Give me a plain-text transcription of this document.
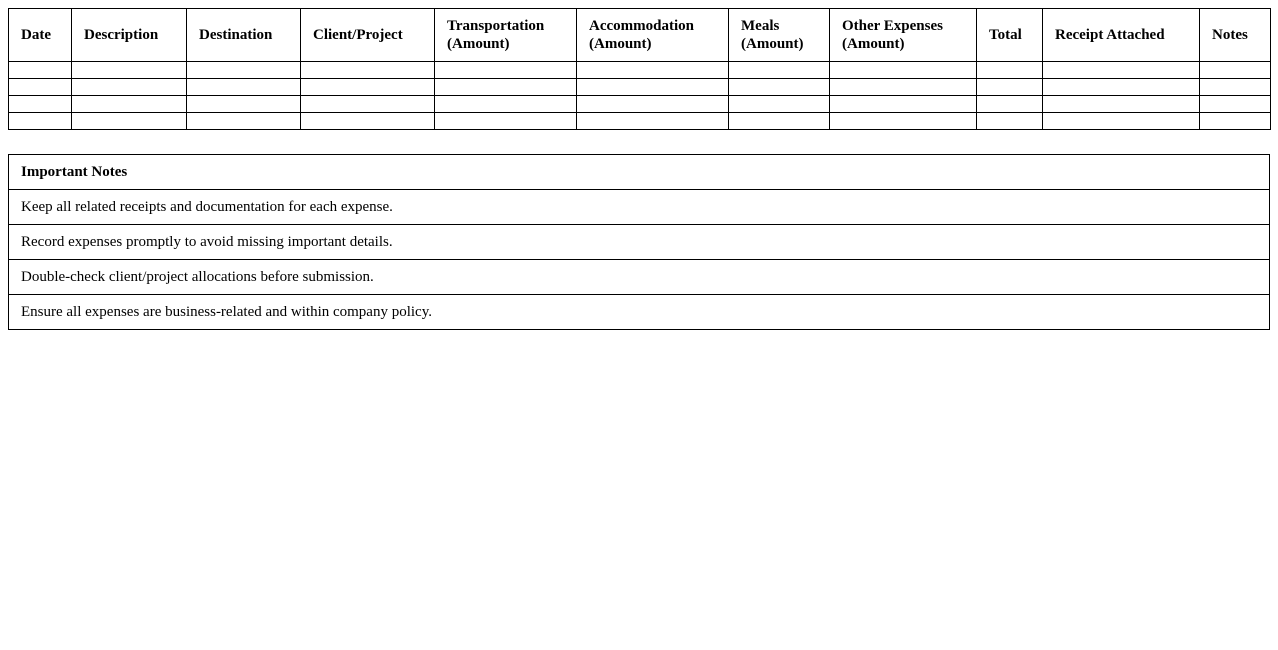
Date	Description	Destination	Client/Project	Transportation (Amount)	Accommodation (Amount)	Meals (Amount)	Other Expenses (Amount)	Total	Receipt Attached	Notes

Important Notes
Keep all related receipts and documentation for each expense.
Record expenses promptly to avoid missing important details.
Double-check client/project allocations before submission.
Ensure all expenses are business-related and within company policy.
